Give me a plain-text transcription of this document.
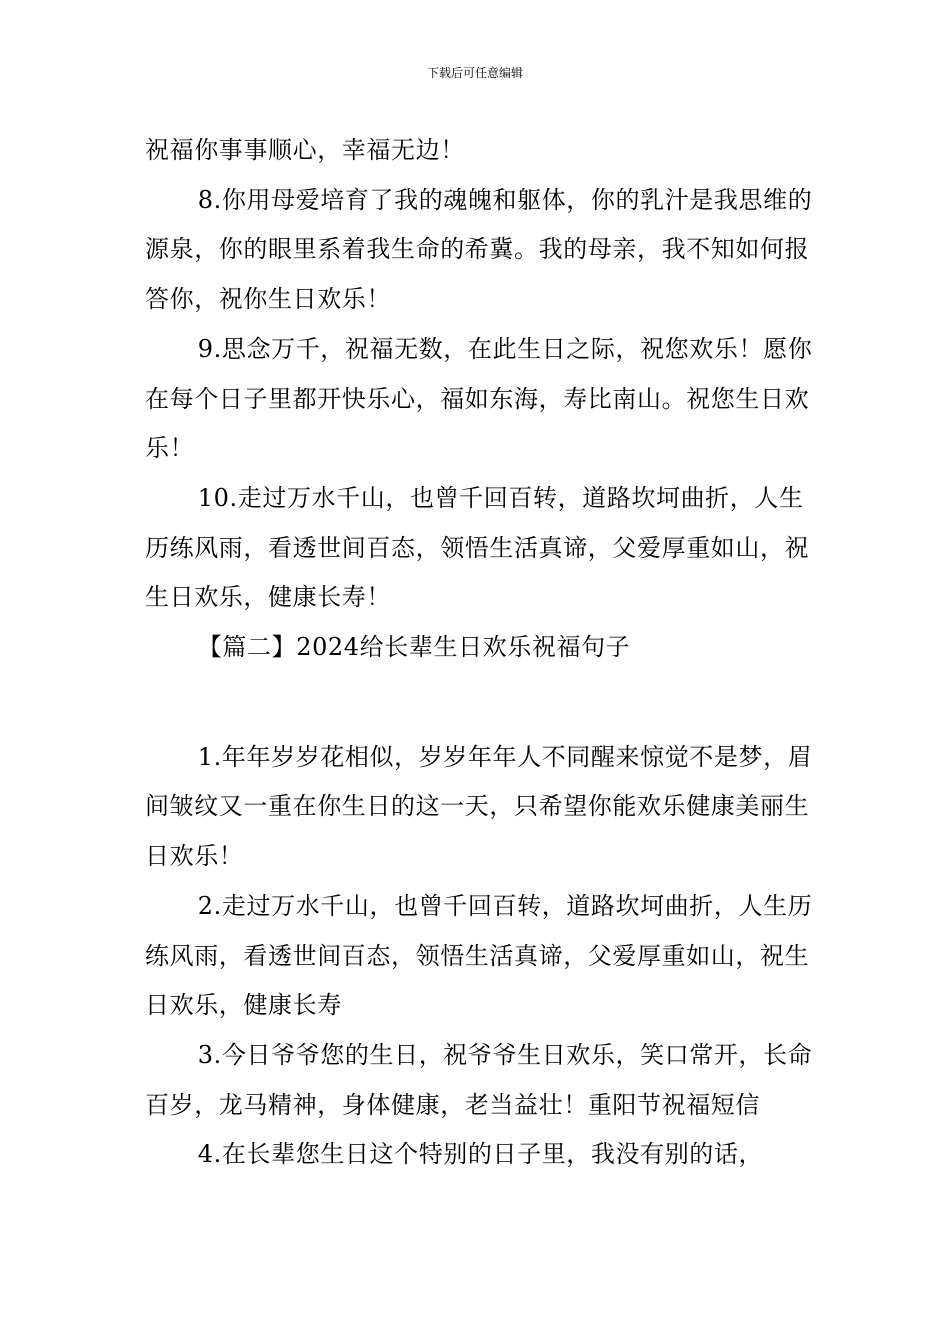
下载后可任意编辑

祝福你事事顺心，幸福无边！

8.你用母爱培育了我的魂魄和躯体，你的乳汁是我思维的源泉，你的眼里系着我生命的希冀。我的母亲，我不知如何报答你，祝你生日欢乐！

9.思念万千，祝福无数，在此生日之际，祝您欢乐！愿你在每个日子里都开快乐心，福如东海，寿比南山。祝您生日欢乐！

10.走过万水千山，也曾千回百转，道路坎坷曲折，人生历练风雨，看透世间百态，领悟生活真谛，父爱厚重如山，祝生日欢乐，健康长寿！

【篇二】2024给长辈生日欢乐祝福句子

1.年年岁岁花相似，岁岁年年人不同醒来惊觉不是梦，眉间皱纹又一重在你生日的这一天，只希望你能欢乐健康美丽生日欢乐！

2.走过万水千山，也曾千回百转，道路坎坷曲折，人生历练风雨，看透世间百态，领悟生活真谛，父爱厚重如山，祝生日欢乐，健康长寿

3.今日爷爷您的生日，祝爷爷生日欢乐，笑口常开，长命百岁，龙马精神，身体健康，老当益壮！重阳节祝福短信

4.在长辈您生日这个特别的日子里，我没有别的话，
